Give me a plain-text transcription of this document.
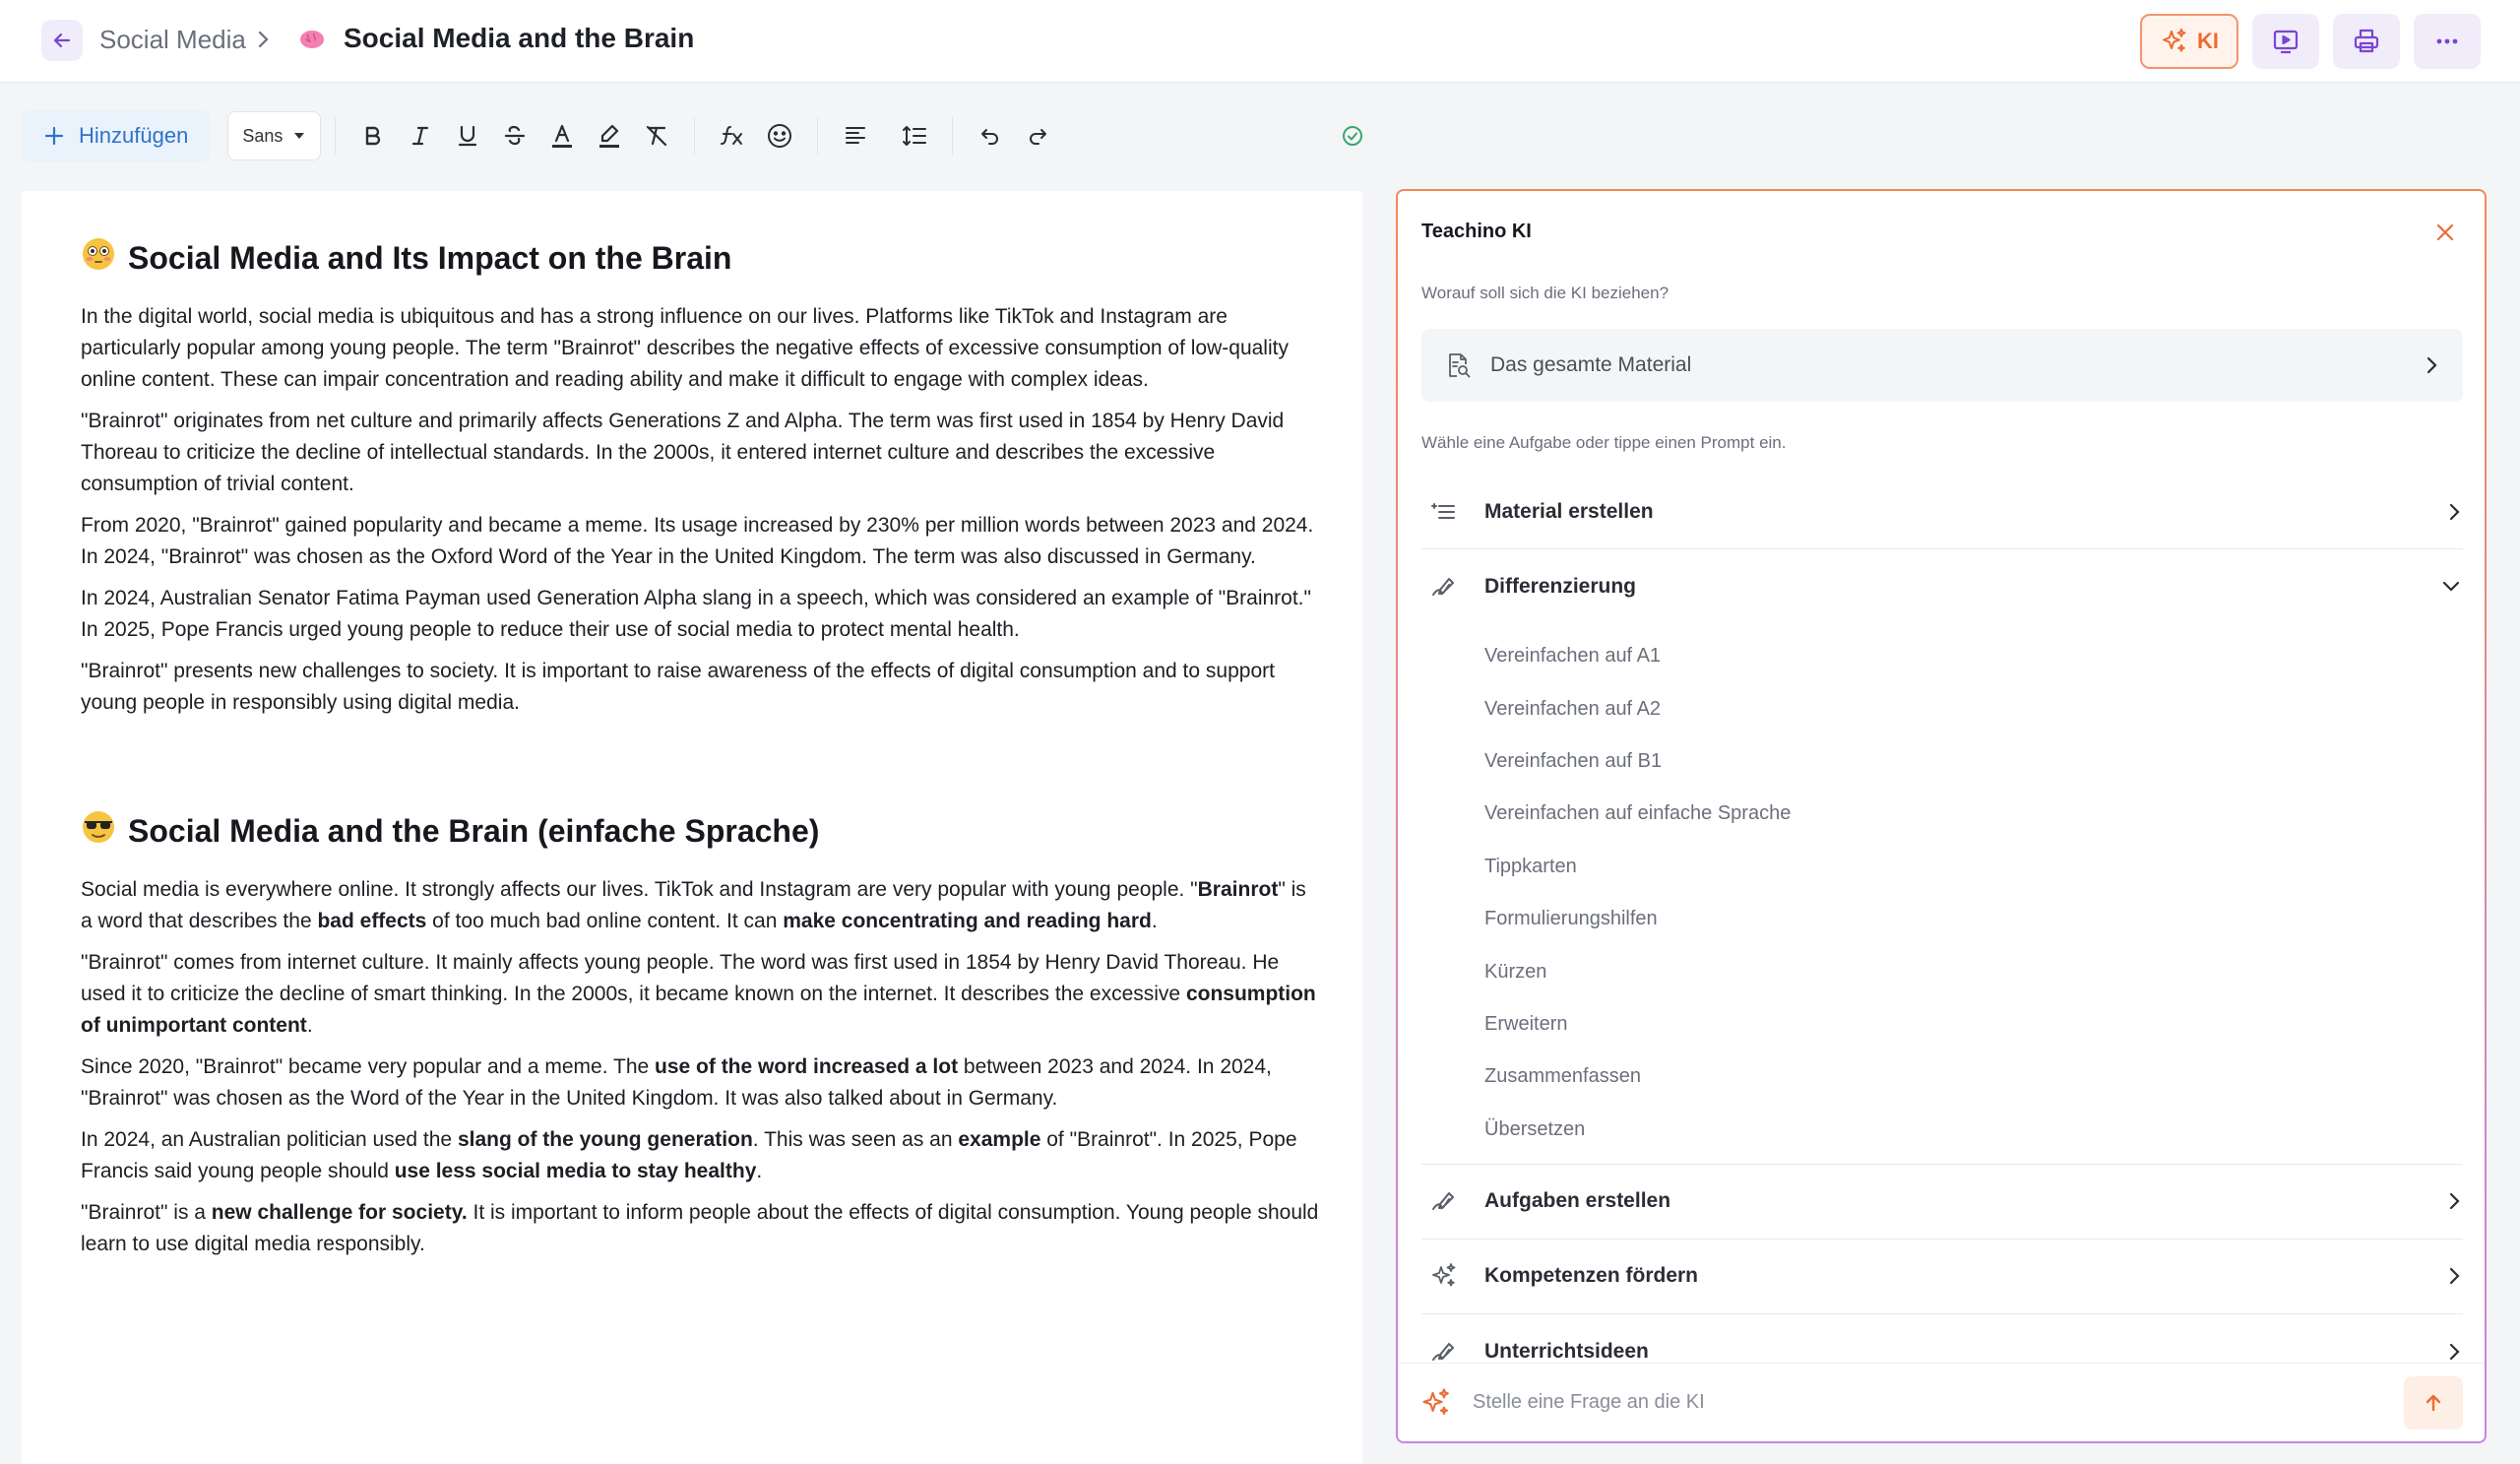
Social Media	Social Media and the Brain	KI
Hinzufügen	Sans
Social Media and Its Impact on the Brain

In the digital world, social media is ubiquitous and has a strong influence on our lives. Platforms like TikTok and Instagram are particularly popular among young people. The term "Brainrot" describes the negative effects of excessive consumption of low-quality online content. These can impair concentration and reading ability and make it difficult to engage with complex ideas.

"Brainrot" originates from net culture and primarily affects Generations Z and Alpha. The term was first used in 1854 by Henry David Thoreau to criticize the decline of intellectual standards. In the 2000s, it entered internet culture and describes the excessive consumption of trivial content.

From 2020, "Brainrot" gained popularity and became a meme. Its usage increased by 230% per million words between 2023 and 2024. In 2024, "Brainrot" was chosen as the Oxford Word of the Year in the United Kingdom. The term was also discussed in Germany.

In 2024, Australian Senator Fatima Payman used Generation Alpha slang in a speech, which was considered an example of "Brainrot." In 2025, Pope Francis urged young people to reduce their use of social media to protect mental health.

"Brainrot" presents new challenges to society. It is important to raise awareness of the effects of digital consumption and to support young people in responsibly using digital media.

Social Media and the Brain (einfache Sprache)

Social media is everywhere online. It strongly affects our lives. TikTok and Instagram are very popular with young people. "Brainrot" is a word that describes the bad effects of too much bad online content. It can make concentrating and reading hard.

"Brainrot" comes from internet culture. It mainly affects young people. The word was first used in 1854 by Henry David Thoreau. He used it to criticize the decline of smart thinking. In the 2000s, it became known on the internet. It describes the excessive consumption of unimportant content.

Since 2020, "Brainrot" became very popular and a meme. The use of the word increased a lot between 2023 and 2024. In 2024, "Brainrot" was chosen as the Word of the Year in the United Kingdom. It was also talked about in Germany.

In 2024, an Australian politician used the slang of the young generation. This was seen as an example of "Brainrot". In 2025, Pope Francis said young people should use less social media to stay healthy.

"Brainrot" is a new challenge for society. It is important to inform people about the effects of digital consumption. Young people should learn to use digital media responsibly.

Teachino KI
Worauf soll sich die KI beziehen?
Das gesamte Material
Wähle eine Aufgabe oder tippe einen Prompt ein.
Material erstellen
Differenzierung
Vereinfachen auf A1
Vereinfachen auf A2
Vereinfachen auf B1
Vereinfachen auf einfache Sprache
Tippkarten
Formulierungshilfen
Kürzen
Erweitern
Zusammenfassen
Übersetzen
Aufgaben erstellen
Kompetenzen fördern
Unterrichtsideen
Stelle eine Frage an die KI
